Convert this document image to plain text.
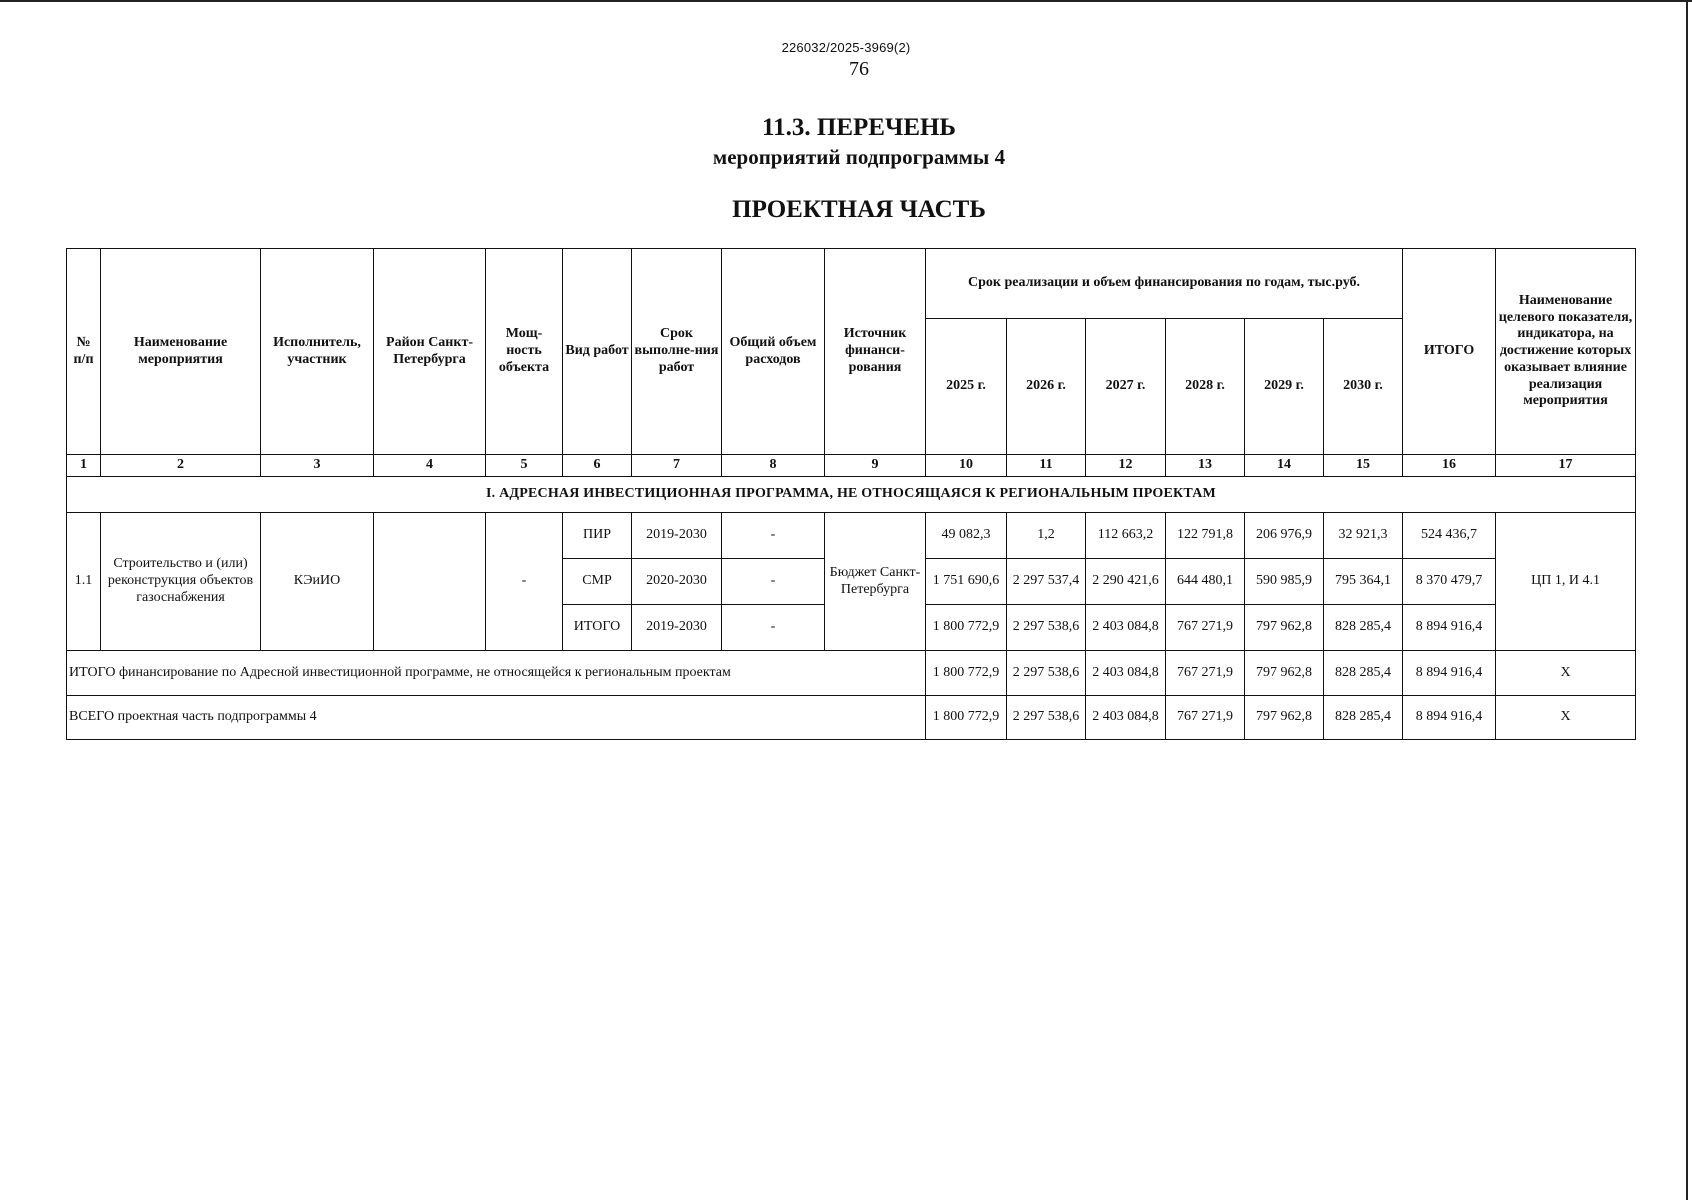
226032/2025-3969(2)
76
11.3. ПЕРЕЧЕНЬ
мероприятий подпрограммы 4
ПРОЕКТНАЯ ЧАСТЬ
№ п/п	Наименование мероприятия	Исполнитель, участник	Район Санкт-Петербурга	Мощ-ность объекта	Вид работ	Срок выполне-ния работ	Общий объем расходов	Источник финанси-рования	Срок реализации и объем финансирования по годам, тыс.руб.						ИТОГО	Наименование целевого показателя, индикатора, на достижение которых оказывает влияние реализация мероприятия
									2025 г.	2026 г.	2027 г.	2028 г.	2029 г.	2030 г.		
1	2	3	4	5	6	7	8	9	10	11	12	13	14	15	16	17
I. АДРЕСНАЯ ИНВЕСТИЦИОННАЯ ПРОГРАММА, НЕ ОТНОСЯЩАЯСЯ К РЕГИОНАЛЬНЫМ ПРОЕКТАМ																
1.1	Строительство и (или) реконструкция объектов газоснабжения	КЭиИО		-	ПИР	2019-2030	-	Бюджет Санкт-Петербурга	49 082,3	1,2	112 663,2	122 791,8	206 976,9	32 921,3	524 436,7	ЦП 1, И 4.1
					СМР	2020-2030	-		1 751 690,6	2 297 537,4	2 290 421,6	644 480,1	590 985,9	795 364,1	8 370 479,7	
					ИТОГО	2019-2030	-		1 800 772,9	2 297 538,6	2 403 084,8	767 271,9	797 962,8	828 285,4	8 894 916,4	
ИТОГО финансирование по Адресной инвестиционной программе, не относящейся к региональным проектам									1 800 772,9	2 297 538,6	2 403 084,8	767 271,9	797 962,8	828 285,4	8 894 916,4	Х
ВСЕГО проектная часть подпрограммы 4									1 800 772,9	2 297 538,6	2 403 084,8	767 271,9	797 962,8	828 285,4	8 894 916,4	Х
